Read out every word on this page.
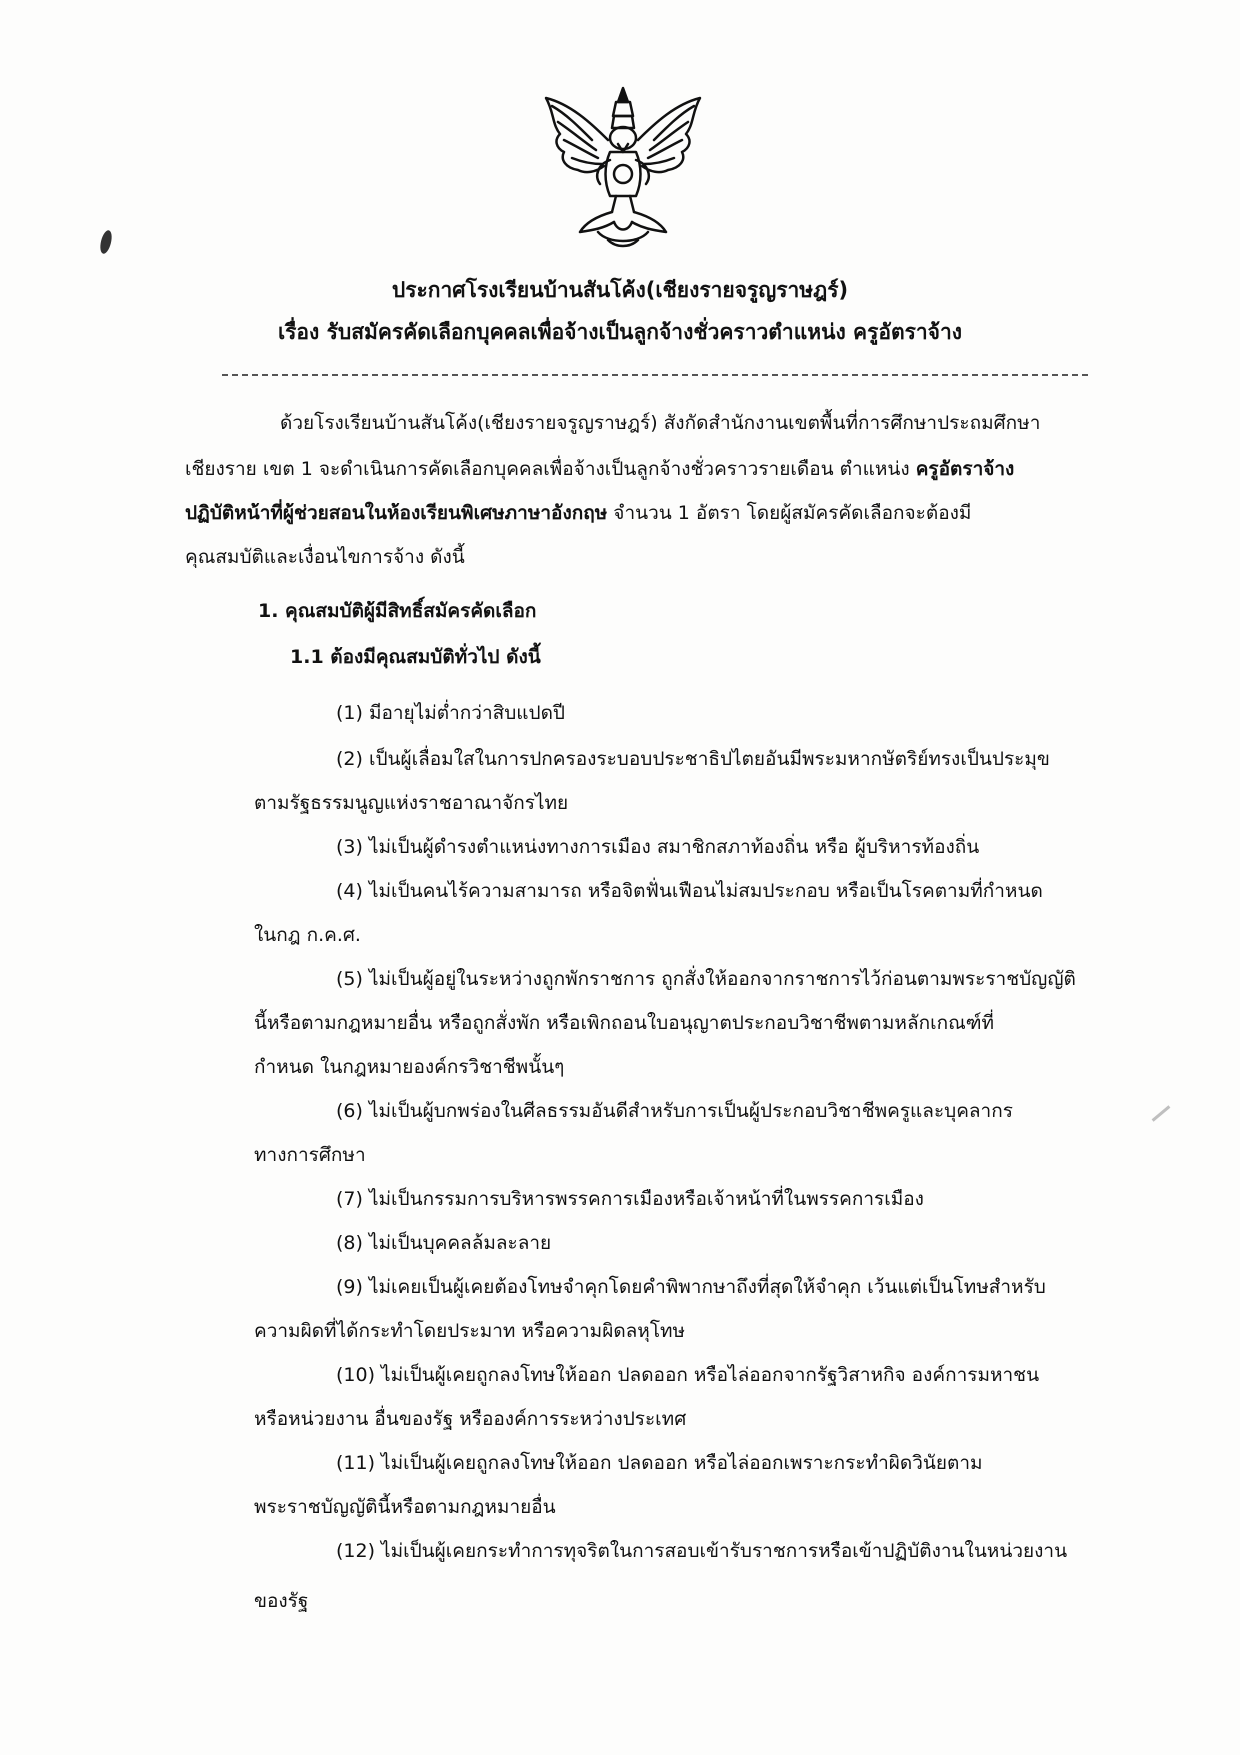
ประกาศโรงเรียนบ้านสันโค้ง(เชียงรายจรูญราษฎร์)
เรื่อง รับสมัครคัดเลือกบุคคลเพื่อจ้างเป็นลูกจ้างชั่วคราวตำแหน่ง ครูอัตราจ้าง
ด้วยโรงเรียนบ้านสันโค้ง(เชียงรายจรูญราษฎร์) สังกัดสำนักงานเขตพื้นที่การศึกษาประถมศึกษา
เชียงราย เขต 1 จะดำเนินการคัดเลือกบุคคลเพื่อจ้างเป็นลูกจ้างชั่วคราวรายเดือน ตำแหน่ง ครูอัตราจ้าง
ปฏิบัติหน้าที่ผู้ช่วยสอนในห้องเรียนพิเศษภาษาอังกฤษ จำนวน 1 อัตรา โดยผู้สมัครคัดเลือกจะต้องมี
คุณสมบัติและเงื่อนไขการจ้าง ดังนี้
1. คุณสมบัติผู้มีสิทธิ์สมัครคัดเลือก
1.1 ต้องมีคุณสมบัติทั่วไป ดังนี้
(1) มีอายุไม่ต่ำกว่าสิบแปดปี
(2) เป็นผู้เลื่อมใสในการปกครองระบอบประชาธิปไตยอันมีพระมหากษัตริย์ทรงเป็นประมุข
ตามรัฐธรรมนูญแห่งราชอาณาจักรไทย
(3) ไม่เป็นผู้ดำรงตำแหน่งทางการเมือง สมาชิกสภาท้องถิ่น หรือ ผู้บริหารท้องถิ่น
(4) ไม่เป็นคนไร้ความสามารถ หรือจิตฟั่นเฟือนไม่สมประกอบ หรือเป็นโรคตามที่กำหนด
ในกฎ ก.ค.ศ.
(5) ไม่เป็นผู้อยู่ในระหว่างถูกพักราชการ ถูกสั่งให้ออกจากราชการไว้ก่อนตามพระราชบัญญัติ
นี้หรือตามกฎหมายอื่น หรือถูกสั่งพัก หรือเพิกถอนใบอนุญาตประกอบวิชาชีพตามหลักเกณฑ์ที่
กำหนด ในกฎหมายองค์กรวิชาชีพนั้นๆ
(6) ไม่เป็นผู้บกพร่องในศีลธรรมอันดีสำหรับการเป็นผู้ประกอบวิชาชีพครูและบุคลากร
ทางการศึกษา
(7) ไม่เป็นกรรมการบริหารพรรคการเมืองหรือเจ้าหน้าที่ในพรรคการเมือง
(8) ไม่เป็นบุคคลล้มละลาย
(9) ไม่เคยเป็นผู้เคยต้องโทษจำคุกโดยคำพิพากษาถึงที่สุดให้จำคุก เว้นแต่เป็นโทษสำหรับ
ความผิดที่ได้กระทำโดยประมาท หรือความผิดลหุโทษ
(10) ไม่เป็นผู้เคยถูกลงโทษให้ออก ปลดออก หรือไล่ออกจากรัฐวิสาหกิจ องค์การมหาชน
หรือหน่วยงาน อื่นของรัฐ หรือองค์การระหว่างประเทศ
(11) ไม่เป็นผู้เคยถูกลงโทษให้ออก ปลดออก หรือไล่ออกเพราะกระทำผิดวินัยตาม
พระราชบัญญัตินี้หรือตามกฎหมายอื่น
(12) ไม่เป็นผู้เคยกระทำการทุจริตในการสอบเข้ารับราชการหรือเข้าปฏิบัติงานในหน่วยงาน
ของรัฐ
